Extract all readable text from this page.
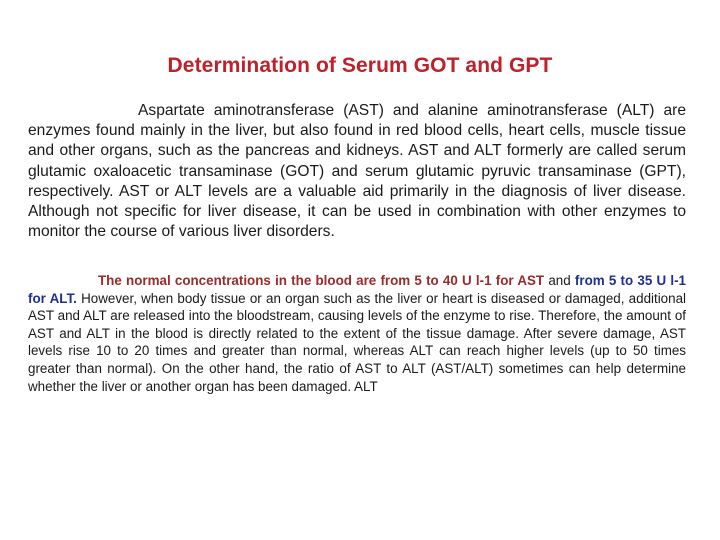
Determination of Serum GOT and GPT

Aspartate aminotransferase (AST) and alanine aminotransferase (ALT) are enzymes found mainly in the liver, but also found in red blood cells, heart cells, muscle tissue and other organs, such as the pancreas and kidneys. AST and ALT formerly are called serum glutamic oxaloacetic transaminase (GOT) and serum glutamic pyruvic transaminase (GPT), respectively. AST or ALT levels are a valuable aid primarily in the diagnosis of liver disease. Although not specific for liver disease, it can be used in combination with other enzymes to monitor the course of various liver disorders.

The normal concentrations in the blood are from 5 to 40 U l-1 for AST and from 5 to 35 U l-1 for ALT. However, when body tissue or an organ such as the liver or heart is diseased or damaged, additional AST and ALT are released into the bloodstream, causing levels of the enzyme to rise. Therefore, the amount of AST and ALT in the blood is directly related to the extent of the tissue damage. After severe damage, AST levels rise 10 to 20 times and greater than normal, whereas ALT can reach higher levels (up to 50 times greater than normal). On the other hand, the ratio of AST to ALT (AST/ALT) sometimes can help determine whether the liver or another organ has been damaged. ALT
